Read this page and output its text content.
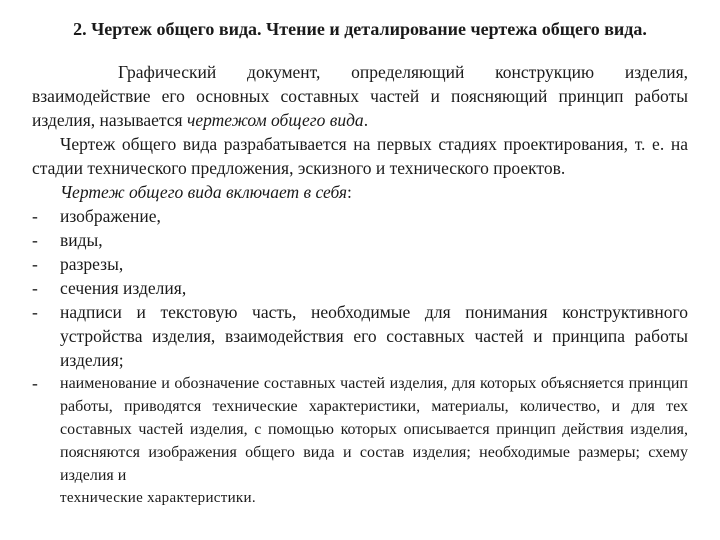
2. Чертеж общего вида. Чтение и деталирование чертежа общего вида.

Графический документ, определяющий конструкцию изделия, взаимодействие его основных составных частей и поясняющий принцип работы изделия, называется чертежом общего вида.

Чертеж общего вида разрабатывается на первых стадиях проектирования, т. е. на стадии технического предложения, эскизного и технического проектов.

Чертеж общего вида включает в себя:

- изображение,
- виды,
- разрезы,
- сечения изделия,
- надписи и текстовую часть, необходимые для понимания конструктивного устройства изделия, взаимодействия его составных частей и принципа работы изделия;
- наименование и обозначение составных частей изделия, для которых объясняется принцип работы, приводятся технические характеристики, материалы, количество, и для тех составных частей изделия, с помощью которых описывается принцип действия изделия, поясняются изображения общего вида и состав изделия; необходимые размеры; схему изделия и
технические характеристики.
